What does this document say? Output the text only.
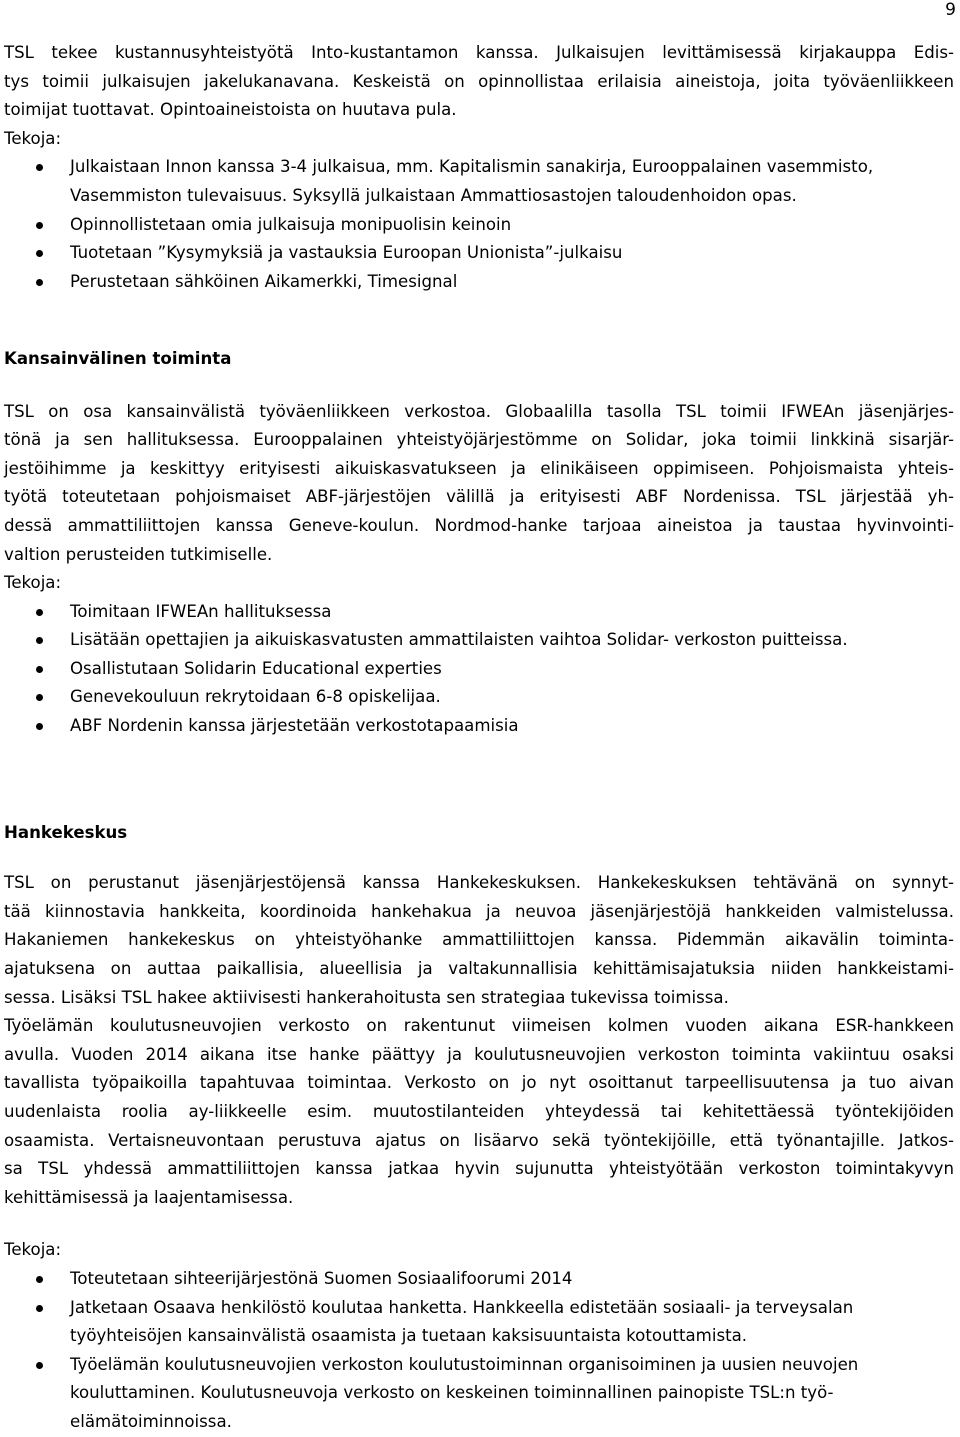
9

TSL tekee kustannusyhteistyötä Into-kustantamon kanssa. Julkaisujen levittämisessä kirjakauppa Edis-
tys toimii julkaisujen jakelukanavana. Keskeistä on opinnollistaa erilaisia aineistoja, joita työväenliikkeen
toimijat tuottavat. Opintoaineistoista on huutava pula.

Tekoja:

Julkaistaan Innon kanssa 3-4 julkaisua, mm. Kapitalismin sanakirja, Eurooppalainen vasemmisto,
Vasemmiston tulevaisuus. Syksyllä julkaistaan Ammattiosastojen taloudenhoidon opas.
Opinnollistetaan omia julkaisuja monipuolisin keinoin
Tuotetaan ”Kysymyksiä ja vastauksia Euroopan Unionista”-julkaisu
Perustetaan sähköinen Aikamerkki, Timesignal
Kansainvälinen toiminta

TSL on osa kansainvälistä työväenliikkeen verkostoa. Globaalilla tasolla TSL toimii IFWEAn jäsenjärjes-
tönä ja sen hallituksessa. Eurooppalainen yhteistyöjärjestömme on Solidar, joka toimii linkkinä sisarjär-
jestöihimme ja keskittyy erityisesti aikuiskasvatukseen ja elinikäiseen oppimiseen. Pohjoismaista yhteis-
työtä toteutetaan pohjoismaiset ABF-järjestöjen välillä ja erityisesti ABF Nordenissa. TSL järjestää yh-
dessä ammattiliittojen kanssa Geneve-koulun. Nordmod-hanke tarjoaa aineistoa ja taustaa hyvinvointi-
valtion perusteiden tutkimiselle.

Tekoja:

Toimitaan IFWEAn hallituksessa
Lisätään opettajien ja aikuiskasvatusten ammattilaisten vaihtoa Solidar- verkoston puitteissa.
Osallistutaan Solidarin Educational experties
Genevekouluun rekrytoidaan 6-8 opiskelijaa.
ABF Nordenin kanssa järjestetään verkostotapaamisia
Hankekeskus

TSL on perustanut jäsenjärjestöjensä kanssa Hankekeskuksen. Hankekeskuksen tehtävänä on synnyt-
tää kiinnostavia hankkeita, koordinoida hankehakua ja neuvoa jäsenjärjestöjä hankkeiden valmistelussa.
Hakaniemen hankekeskus on yhteistyöhanke ammattiliittojen kanssa. Pidemmän aikavälin toiminta-
ajatuksena on auttaa paikallisia, alueellisia ja valtakunnallisia kehittämisajatuksia niiden hankkeistami-
sessa. Lisäksi TSL hakee aktiivisesti hankerahoitusta sen strategiaa tukevissa toimissa.

Työelämän koulutusneuvojien verkosto on rakentunut viimeisen kolmen vuoden aikana ESR-hankkeen
avulla. Vuoden 2014 aikana itse hanke päättyy ja koulutusneuvojien verkoston toiminta vakiintuu osaksi
tavallista työpaikoilla tapahtuvaa toimintaa. Verkosto on jo nyt osoittanut tarpeellisuutensa ja tuo aivan
uudenlaista roolia ay-liikkeelle esim. muutostilanteiden yhteydessä tai kehitettäessä työntekijöiden
osaamista. Vertaisneuvontaan perustuva ajatus on lisäarvo sekä työntekijöille, että työnantajille. Jatkos-
sa TSL yhdessä ammattiliittojen kanssa jatkaa hyvin sujunutta yhteistyötään verkoston toimintakyvyn
kehittämisessä ja laajentamisessa.

Tekoja:

Toteutetaan sihteerijärjestönä Suomen Sosiaalifoorumi 2014
Jatketaan Osaava henkilöstö koulutaa hanketta. Hankkeella edistetään sosiaali- ja terveysalan
työyhteisöjen kansainvälistä osaamista ja tuetaan kaksisuuntaista kotouttamista.
Työelämän koulutusneuvojien verkoston koulutustoiminnan organisoiminen ja uusien neuvojen
kouluttaminen. Koulutusneuvoja verkosto on keskeinen toiminnallinen painopiste TSL:n työ-
elämätoiminnoissa.
